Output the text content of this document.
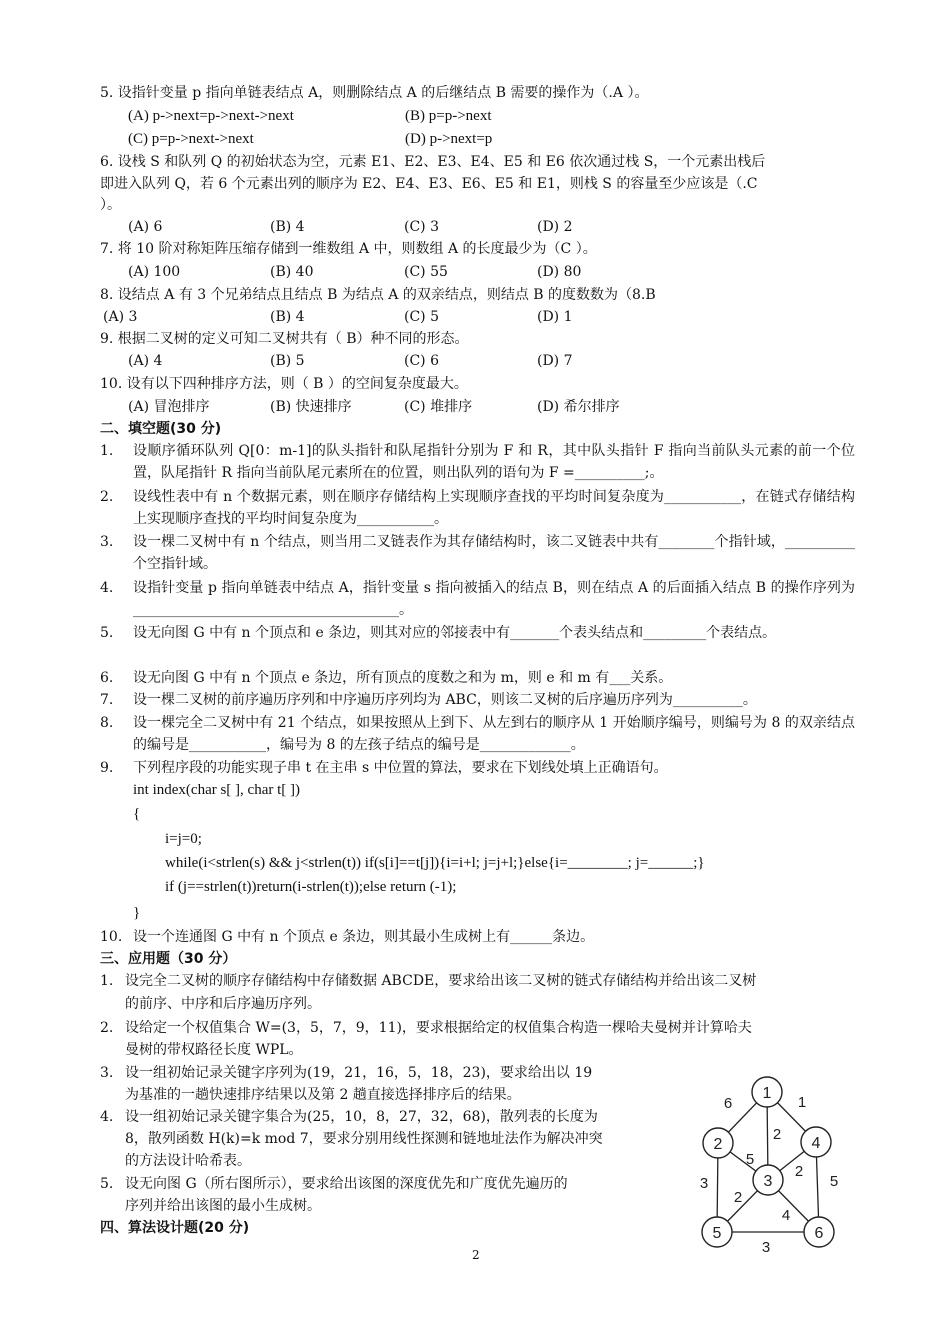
5. 设指针变量 p 指向单链表结点 A，则删除结点 A 的后继结点 B 需要的操作为（.A ）。
(A) p->next=p->next->next	(B) p=p->next
(C) p=p->next->next	(D) p->next=p
6. 设栈 S 和队列 Q 的初始状态为空，元素 E1、E2、E3、E4、E5 和 E6 依次通过栈 S，一个元素出栈后
即进入队列 Q，若 6 个元素出列的顺序为 E2、E4、E3、E6、E5 和 E1，则栈 S 的容量至少应该是（.C
）。
(A) 6	(B) 4	(C) 3	(D) 2
7. 将 10 阶对称矩阵压缩存储到一维数组 A 中，则数组 A 的长度最少为（C ）。
(A) 100	(B) 40	(C) 55	(D) 80
8. 设结点 A 有 3 个兄弟结点且结点 B 为结点 A 的双亲结点，则结点 B 的度数数为（8.B
(A) 3	(B) 4	(C) 5	(D) 1
9. 根据二叉树的定义可知二叉树共有（ B）种不同的形态。
(A) 4	(B) 5	(C) 6	(D) 7
10. 设有以下四种排序方法，则（ B ）的空间复杂度最大。
(A) 冒泡排序	(B) 快速排序	(C) 堆排序	(D) 希尔排序
二、填空题(30 分)
1.	设顺序循环队列 Q[0：m-1]的队头指针和队尾指针分别为 F 和 R，其中队头指针 F 指向当前队头元素的前一个位置，队尾指针 R 指向当前队尾元素所在的位置，则出队列的语句为 F =__________;。
2.	设线性表中有 n 个数据元素，则在顺序存储结构上实现顺序查找的平均时间复杂度为___________，在链式存储结构上实现顺序查找的平均时间复杂度为___________。
3.	设一棵二叉树中有 n 个结点，则当用二叉链表作为其存储结构时，该二叉链表中共有________个指针域，__________个空指针域。
4.	设指针变量 p 指向单链表中结点 A，指针变量 s 指向被插入的结点 B，则在结点 A 的后面插入结点 B 的操作序列为______________________________________。
5.	设无向图 G 中有 n 个顶点和 e 条边，则其对应的邻接表中有_______个表头结点和_________个表结点。
6.	设无向图 G 中有 n 个顶点 e 条边，所有顶点的度数之和为 m，则 e 和 m 有___关系。
7.	设一棵二叉树的前序遍历序列和中序遍历序列均为 ABC，则该二叉树的后序遍历序列为__________。
8.	设一棵完全二叉树中有 21 个结点，如果按照从上到下、从左到右的顺序从 1 开始顺序编号，则编号为 8 的双亲结点的编号是___________，编号为 8 的左孩子结点的编号是_____________。
9.	下列程序段的功能实现子串 t 在主串 s 中位置的算法，要求在下划线处填上正确语句。
int index(char s[ ], char t[ ])
{
i=j=0;
while(i<strlen(s) && j<strlen(t)) if(s[i]==t[j]){i=i+l; j=j+l;}else{i=________; j=______;}
if (j==strlen(t))return(i-strlen(t));else return (-1);
}
10. 设一个连通图 G 中有 n 个顶点 e 条边，则其最小生成树上有______条边。
三、应用题（30 分）
1. 设完全二叉树的顺序存储结构中存储数据 ABCDE，要求给出该二叉树的链式存储结构并给出该二叉树
的前序、中序和后序遍历序列。
2. 设给定一个权值集合 W=(3，5，7，9，11)，要求根据给定的权值集合构造一棵哈夫曼树并计算哈夫
曼树的带权路径长度 WPL。
3. 设一组初始记录关键字序列为(19，21，16，5，18，23)，要求给出以 19
为基准的一趟快速排序结果以及第 2 趟直接选择排序后的结果。
4. 设一组初始记录关键字集合为(25，10，8，27，32，68)，散列表的长度为
8，散列函数 H(k)=k mod 7，要求分别用线性探测和链地址法作为解决冲突
的方法设计哈希表。
5. 设无向图 G（所右图所示），要求给出该图的深度优先和广度优先遍历的
序列并给出该图的最小生成树。
四、算法设计题(20 分)
2
1
2
3
4
5	6
6	1
2
5
2
3
2
4
5
3
